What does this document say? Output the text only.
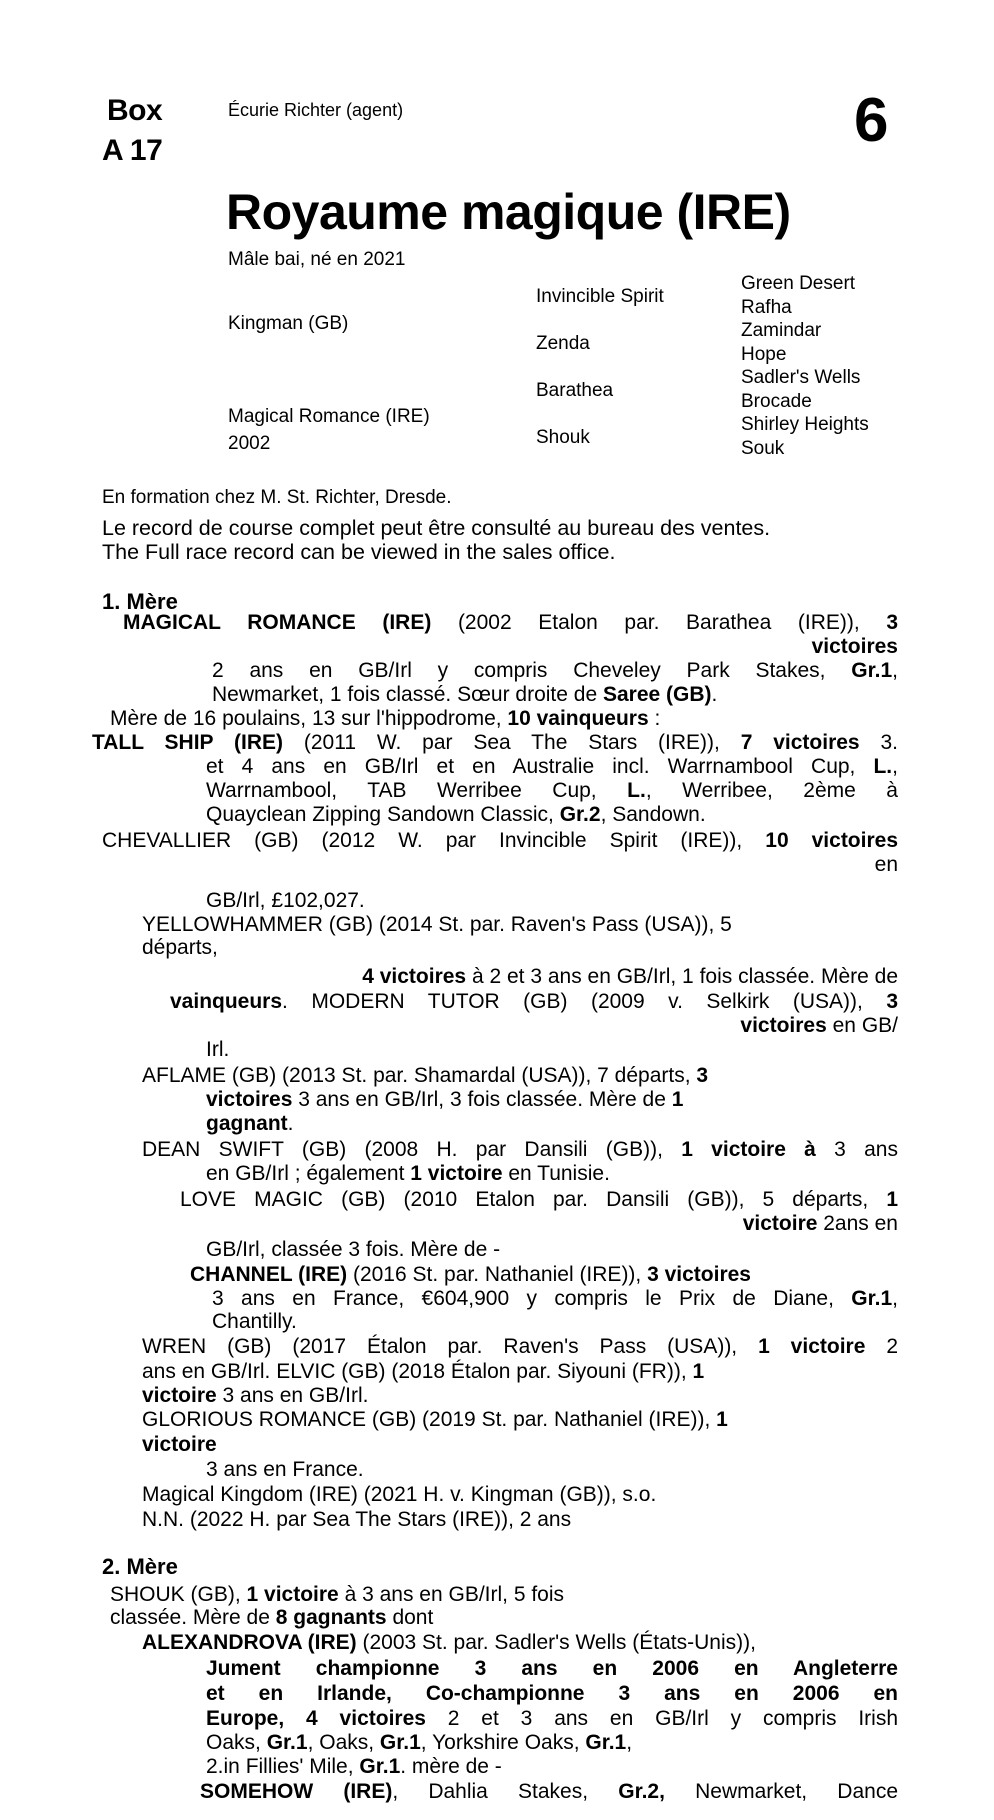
Box
A 17
Écurie Richter (agent)	6
Royaume magique (IRE)
Mâle bai, né en 2021
Kingman (GB)
Magical Romance (IRE)
2002
Invincible Spirit
Zenda
Barathea
Shouk
Green Desert
Rafha
Zamindar
Hope
Sadler's Wells
Brocade
Shirley Heights
Souk
En formation chez M. St. Richter, Dresde.
Le record de course complet peut être consulté au bureau des ventes.
The Full race record can be viewed in the sales office.
1. Mère
MAGICAL ROMANCE (IRE) (2002 Etalon par. Barathea (IRE)), 3
victoires
2 ans en GB/Irl y compris Cheveley Park Stakes, Gr.1,
Newmarket, 1 fois classé. Sœur droite de Saree (GB).
Mère de 16 poulains, 13 sur l'hippodrome, 10 vainqueurs :
TALL SHIP (IRE) (2011 W. par Sea The Stars (IRE)), 7 victoires 3.
et 4 ans en GB/Irl et en Australie incl. Warrnambool Cup, L.,
Warrnambool, TAB Werribee Cup, L., Werribee, 2ème à
Quayclean Zipping Sandown Classic, Gr.2, Sandown.
CHEVALLIER (GB) (2012 W. par Invincible Spirit (IRE)), 10 victoires
en
GB/Irl, £102,027.
YELLOWHAMMER (GB) (2014 St. par. Raven's Pass (USA)), 5
départs,
4 victoires à 2 et 3 ans en GB/Irl, 1 fois classée. Mère de
vainqueurs. MODERN TUTOR (GB) (2009 v. Selkirk (USA)), 3
victoires en GB/
Irl.
AFLAME (GB) (2013 St. par. Shamardal (USA)), 7 départs, 3
victoires 3 ans en GB/Irl, 3 fois classée. Mère de 1
gagnant.
DEAN SWIFT (GB) (2008 H. par Dansili (GB)), 1 victoire à 3 ans
en GB/Irl ; également 1 victoire en Tunisie.
LOVE MAGIC (GB) (2010 Etalon par. Dansili (GB)), 5 départs, 1
victoire 2ans en
GB/Irl, classée 3 fois. Mère de -
CHANNEL (IRE) (2016 St. par. Nathaniel (IRE)), 3 victoires
3 ans en France, €604,900 y compris le Prix de Diane, Gr.1,
Chantilly.
WREN (GB) (2017 Étalon par. Raven's Pass (USA)), 1 victoire 2
ans en GB/Irl. ELVIC (GB) (2018 Étalon par. Siyouni (FR)), 1
victoire 3 ans en GB/Irl.
GLORIOUS ROMANCE (GB) (2019 St. par. Nathaniel (IRE)), 1
victoire
3 ans en France.
Magical Kingdom (IRE) (2021 H. v. Kingman (GB)), s.o.
N.N. (2022 H. par Sea The Stars (IRE)), 2 ans
2. Mère
SHOUK (GB), 1 victoire à 3 ans en GB/Irl, 5 fois
classée. Mère de 8 gagnants dont
ALEXANDROVA (IRE) (2003 St. par. Sadler's Wells (États-Unis)),
Jument championne 3 ans en 2006 en Angleterre
et en Irlande, Co-championne 3 ans en 2006 en
Europe, 4 victoires 2 et 3 ans en GB/Irl y compris Irish
Oaks, Gr.1, Oaks, Gr.1, Yorkshire Oaks, Gr.1,
2.in Fillies' Mile, Gr.1. mère de -
SOMEHOW (IRE), Dahlia Stakes, Gr.2, Newmarket, Dance
